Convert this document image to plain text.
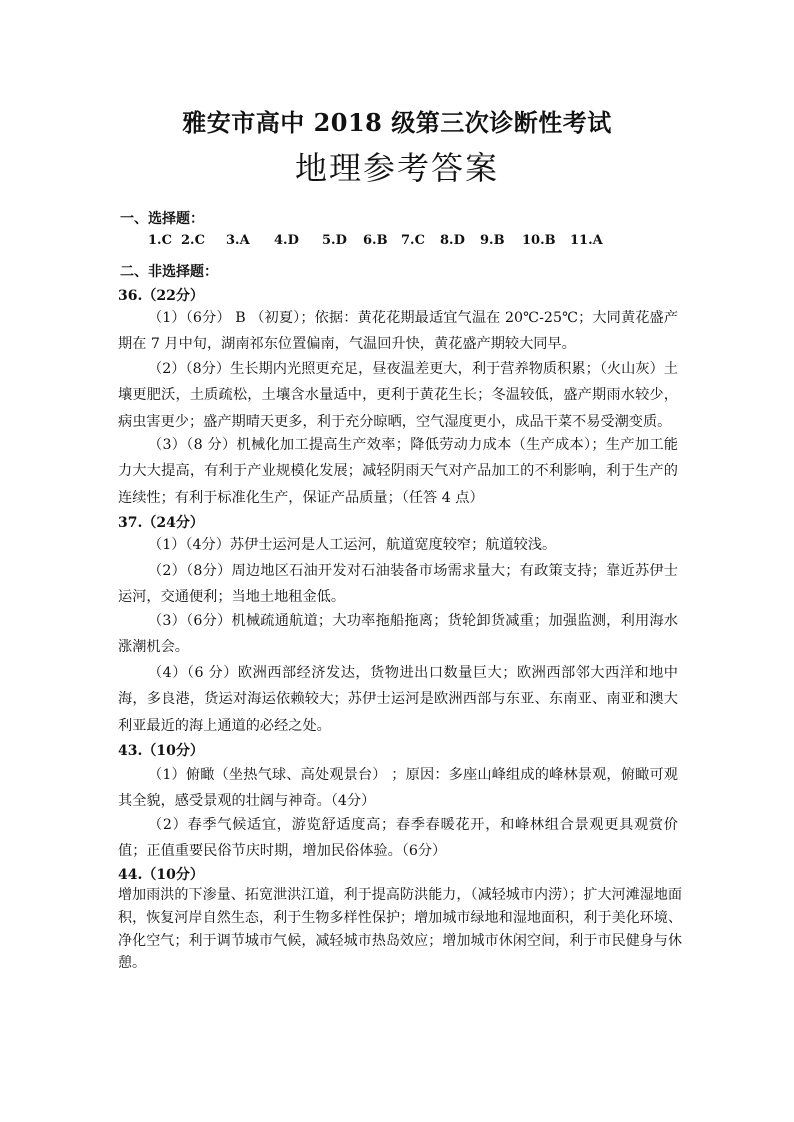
雅安市高中 2018 级第三次诊断性考试
地理参考答案
一、选择题：
1.C 2.C 3.A 4.D 5.D 6.B 7.C 8.D 9.B 10.B 11.A
二、非选择题：
36.（22分）
（1）（6分） B （初夏）；依据：黄花花期最适宜气温在 20℃-25℃；大同黄花盛产期在 7 月中旬，湖南祁东位置偏南，气温回升快，黄花盛产期较大同早。
（2）（8分）生长期内光照更充足，昼夜温差更大，利于营养物质积累；（火山灰）土壤更肥沃，土质疏松，土壤含水量适中，更利于黄花生长；冬温较低，盛产期雨水较少，病虫害更少；盛产期晴天更多，利于充分晾晒，空气湿度更小，成品干菜不易受潮变质。
（3）（8 分）机械化加工提高生产效率；降低劳动力成本（生产成本）；生产加工能力大大提高，有利于产业规模化发展；减轻阴雨天气对产品加工的不利影响，利于生产的连续性；有利于标准化生产，保证产品质量；（任答 4 点）
37.（24分）
（1）（4分）苏伊士运河是人工运河，航道宽度较窄；航道较浅。
（2）（8分）周边地区石油开发对石油装备市场需求量大；有政策支持；靠近苏伊士运河，交通便利；当地土地租金低。
（3）（6分）机械疏通航道；大功率拖船拖离；货轮卸货减重；加强监测，利用海水涨潮机会。
（4）（6 分）欧洲西部经济发达，货物进出口数量巨大；欧洲西部邻大西洋和地中海，多良港，货运对海运依赖较大；苏伊士运河是欧洲西部与东亚、东南亚、南亚和澳大利亚最近的海上通道的必经之处。
43.（10分）
（1）俯瞰（坐热气球、高处观景台） ；原因：多座山峰组成的峰林景观，俯瞰可观其全貌，感受景观的壮阔与神奇。（4分）
（2）春季气候适宜，游览舒适度高；春季春暖花开，和峰林组合景观更具观赏价值；正值重要民俗节庆时期，增加民俗体验。（6分）
44.（10分）
增加雨洪的下渗量、拓宽泄洪江道，利于提高防洪能力，（减轻城市内涝）；扩大河滩湿地面积，恢复河岸自然生态，利于生物多样性保护；增加城市绿地和湿地面积，利于美化环境、净化空气；利于调节城市气候，减轻城市热岛效应；增加城市休闲空间，利于市民健身与休憩。
